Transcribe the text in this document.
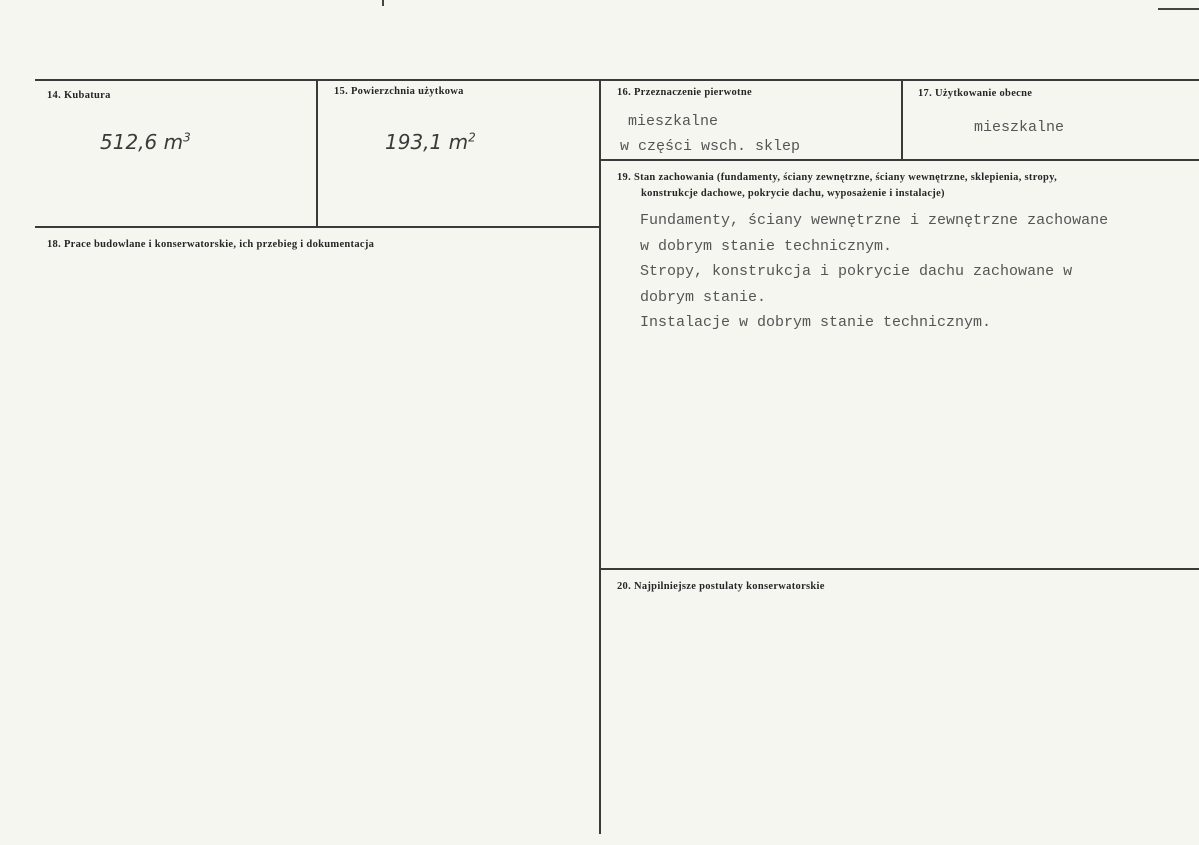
14. Kubatura
512,6 $m^3$
15. Powierzchnia użytkowa
193,1 $m^2$
16. Przeznaczenie pierwotne
mieszkalne
w części wsch. sklep
17. Użytkowanie obecne
mieszkalne
18. Prace budowlane i konserwatorskie, ich przebieg i dokumentacja
19. Stan zachowania (fundamenty, ściany zewnętrzne, ściany wewnętrzne, sklepienia, stropy,
konstrukcje dachowe, pokrycie dachu, wyposażenie i instalacje)
Fundamenty, ściany wewnętrzne i zewnętrzne zachowane
w dobrym stanie technicznym.
Stropy, konstrukcja i pokrycie dachu zachowane w
dobrym stanie.
Instalacje w dobrym stanie technicznym.
20. Najpilniejsze postulaty konserwatorskie
